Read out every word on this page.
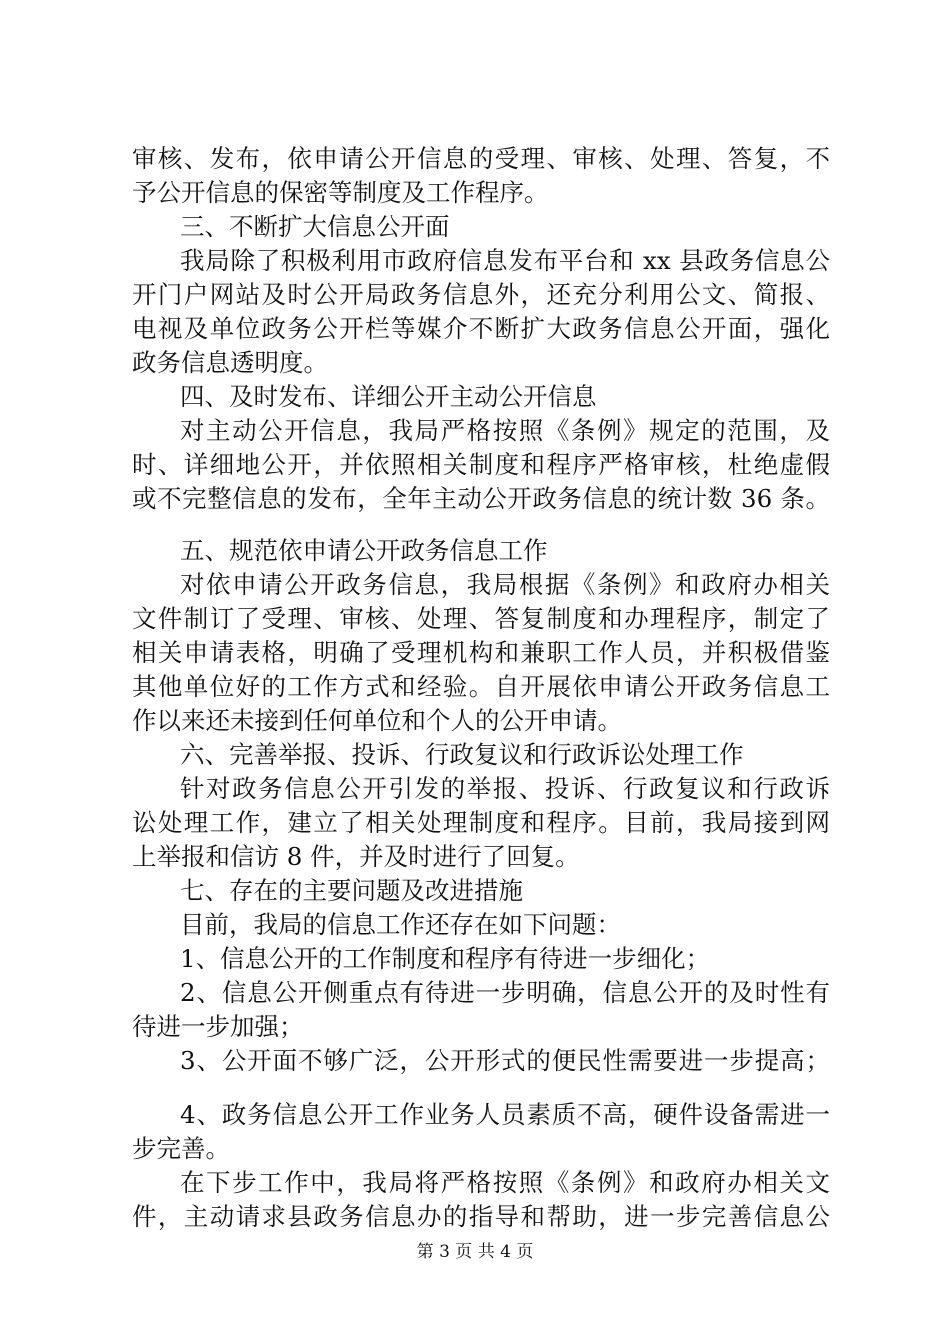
审核、发布，依申请公开信息的受理、审核、处理、答复，不
予公开信息的保密等制度及工作程序。
三、不断扩大信息公开面
我局除了积极利用市政府信息发布平台和 xx 县政务信息公
开门户网站及时公开局政务信息外，还充分利用公文、简报、
电视及单位政务公开栏等媒介不断扩大政务信息公开面，强化
政务信息透明度。
四、及时发布、详细公开主动公开信息
对主动公开信息，我局严格按照《条例》规定的范围，及
时、详细地公开，并依照相关制度和程序严格审核，杜绝虚假
或不完整信息的发布，全年主动公开政务信息的统计数 36 条。
五、规范依申请公开政务信息工作
对依申请公开政务信息，我局根据《条例》和政府办相关
文件制订了受理、审核、处理、答复制度和办理程序，制定了
相关申请表格，明确了受理机构和兼职工作人员，并积极借鉴
其他单位好的工作方式和经验。自开展依申请公开政务信息工
作以来还未接到任何单位和个人的公开申请。
六、完善举报、投诉、行政复议和行政诉讼处理工作
针对政务信息公开引发的举报、投诉、行政复议和行政诉
讼处理工作，建立了相关处理制度和程序。目前，我局接到网
上举报和信访 8 件，并及时进行了回复。
七、存在的主要问题及改进措施
目前，我局的信息工作还存在如下问题：
1、信息公开的工作制度和程序有待进一步细化；
2、信息公开侧重点有待进一步明确，信息公开的及时性有
待进一步加强；
3、公开面不够广泛，公开形式的便民性需要进一步提高；
4、政务信息公开工作业务人员素质不高，硬件设备需进一
步完善。
在下步工作中，我局将严格按照《条例》和政府办相关文
件，主动请求县政务信息办的指导和帮助，进一步完善信息公
第 3 页 共 4 页
